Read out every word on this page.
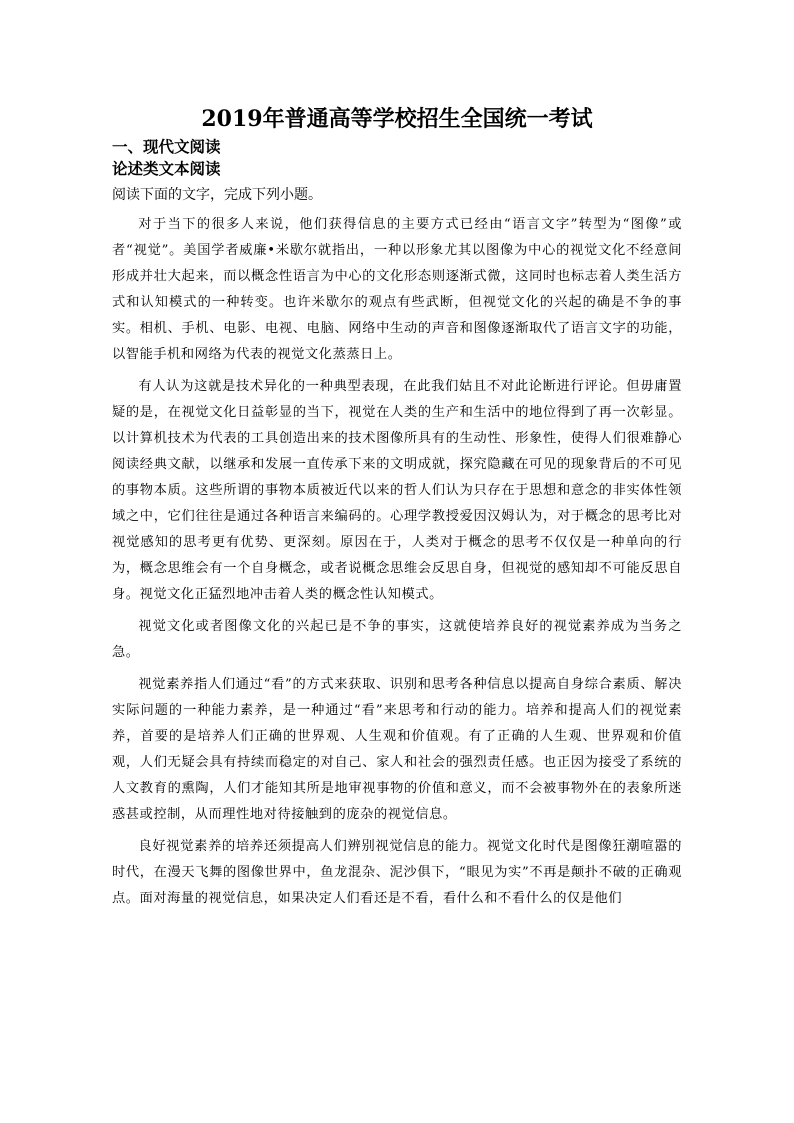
2019年普通高等学校招生全国统一考试
一、现代文阅读
论述类文本阅读
阅读下面的文字，完成下列小题。

对于当下的很多人来说，他们获得信息的主要方式已经由“语言文字”转型为“图像”或者“视觉”。美国学者威廉•米歇尔就指出，一种以形象尤其以图像为中心的视觉文化不经意间形成并壮大起来，而以概念性语言为中心的文化形态则逐渐式微，这同时也标志着人类生活方式和认知模式的一种转变。也许米歇尔的观点有些武断，但视觉文化的兴起的确是不争的事实。相机、手机、电影、电视、电脑、网络中生动的声音和图像逐渐取代了语言文字的功能，以智能手机和网络为代表的视觉文化蒸蒸日上。

有人认为这就是技术异化的一种典型表现，在此我们姑且不对此论断进行评论。但毋庸置疑的是，在视觉文化日益彰显的当下，视觉在人类的生产和生活中的地位得到了再一次彰显。以计算机技术为代表的工具创造出来的技术图像所具有的生动性、形象性，使得人们很难静心阅读经典文献，以继承和发展一直传承下来的文明成就，探究隐藏在可见的现象背后的不可见的事物本质。这些所谓的事物本质被近代以来的哲人们认为只存在于思想和意念的非实体性领域之中，它们往往是通过各种语言来编码的。心理学教授爱因汉姆认为，对于概念的思考比对视觉感知的思考更有优势、更深刻。原因在于，人类对于概念的思考不仅仅是一种单向的行为，概念思维会有一个自身概念，或者说概念思维会反思自身，但视觉的感知却不可能反思自身。视觉文化正猛烈地冲击着人类的概念性认知模式。

视觉文化或者图像文化的兴起已是不争的事实，这就使培养良好的视觉素养成为当务之急。

视觉素养指人们通过“看”的方式来获取、识别和思考各种信息以提高自身综合素质、解决实际问题的一种能力素养，是一种通过“看”来思考和行动的能力。培养和提高人们的视觉素养，首要的是培养人们正确的世界观、人生观和价值观。有了正确的人生观、世界观和价值观，人们无疑会具有持续而稳定的对自己、家人和社会的强烈责任感。也正因为接受了系统的人文教育的熏陶，人们才能知其所是地审视事物的价值和意义，而不会被事物外在的表象所迷惑甚或控制，从而理性地对待接触到的庞杂的视觉信息。

良好视觉素养的培养还须提高人们辨别视觉信息的能力。视觉文化时代是图像狂潮喧嚣的时代，在漫天飞舞的图像世界中，鱼龙混杂、泥沙俱下，“眼见为实”不再是颠扑不破的正确观点。面对海量的视觉信息，如果决定人们看还是不看，看什么和不看什么的仅是他们
